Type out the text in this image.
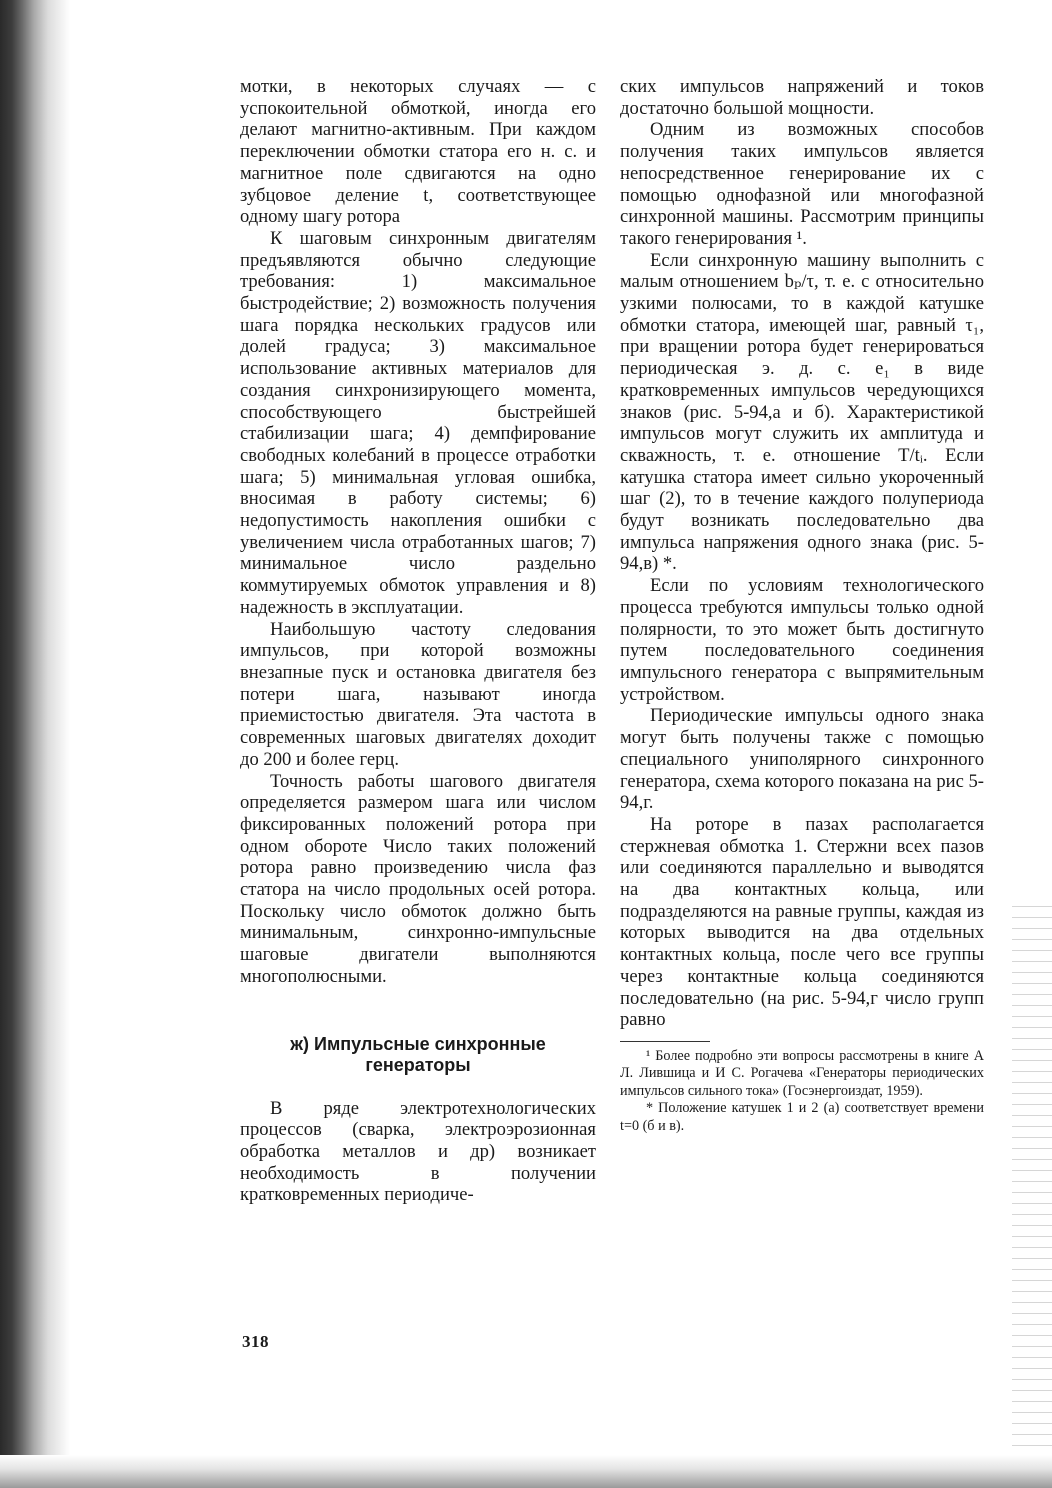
мотки, в некоторых случаях — с успокоительной обмоткой, иногда его делают магнитно-активным. При каждом переключении обмотки статора его н. с. и магнитное поле сдвигаются на одно зубцовое деление t, соответствующее одному шагу ротора

К шаговым синхронным двигателям предъявляются обычно следующие требования: 1) максимальное быстродействие; 2) возможность получения шага порядка нескольких градусов или долей градуса; 3) максимальное использование активных материалов для создания синхронизирующего момента, способствующего быстрейшей стабилизации шага; 4) демпфирование свободных колебаний в процессе отработки шага; 5) минимальная угловая ошибка, вносимая в работу системы; 6) недопустимость накопления ошибки с увеличением числа отработанных шагов; 7) минимальное число раздельно коммутируемых обмоток управления и 8) надежность в эксплуатации.

Наибольшую частоту следования импульсов, при которой возможны внезапные пуск и остановка двигателя без потери шага, называют иногда приемистостью двигателя. Эта частота в современных шаговых двигателях доходит до 200 и более герц.

Точность работы шагового двигателя определяется размером шага или числом фиксированных положений ротора при одном обороте Число таких положений ротора равно произведению числа фаз статора на число продольных осей ротора. Поскольку число обмоток должно быть минимальным, синхронно-импульсные шаговые двигатели выполняются многополюсными.

ж) Импульсные синхронные генераторы

В ряде электротехнологических процессов (сварка, электроэрозионная обработка металлов и др) возникает необходимость в получении кратковременных периодиче-

ских импульсов напряжений и токов достаточно большой мощности.

Одним из возможных способов получения таких импульсов является непосредственное генерирование их с помощью однофазной или многофазной синхронной машины. Рассмотрим принципы такого генерирования ¹.

Если синхронную машину выполнить с малым отношением bₚ/τ, т. е. с относительно узкими полюсами, то в каждой катушке обмотки статора, имеющей шаг, равный τ₁, при вращении ротора будет генерироваться периодическая э. д. с. e₁ в виде кратковременных импульсов чередующихся знаков (рис. 5-94,а и б). Характеристикой импульсов могут служить их амплитуда и скважность, т. е. отношение T/tᵢ. Если катушка статора имеет сильно укороченный шаг (2), то в течение каждого полупериода будут возникать последовательно два импульса напряжения одного знака (рис. 5-94,в) *.

Если по условиям технологического процесса требуются импульсы только одной полярности, то это может быть достигнуто путем последовательного соединения импульсного генератора с выпрямительным устройством.

Периодические импульсы одного знака могут быть получены также с помощью специального униполярного синхронного генератора, схема которого показана на рис 5-94,г.

На роторе в пазах располагается стержневая обмотка 1. Стержни всех пазов или соединяются параллельно и выводятся на два контактных кольца, или подразделяются на равные группы, каждая из которых выводится на два отдельных контактных кольца, после чего все группы через контактные кольца соединяются последовательно (на рис. 5-94,г число групп равно

¹ Более подробно эти вопросы рассмотрены в книге А Л. Лившица и И С. Рогачева «Генераторы периодических импульсов сильного тока» (Госэнергоиздат, 1959).

* Положение катушек 1 и 2 (а) соответствует времени t=0 (б и в).

318
